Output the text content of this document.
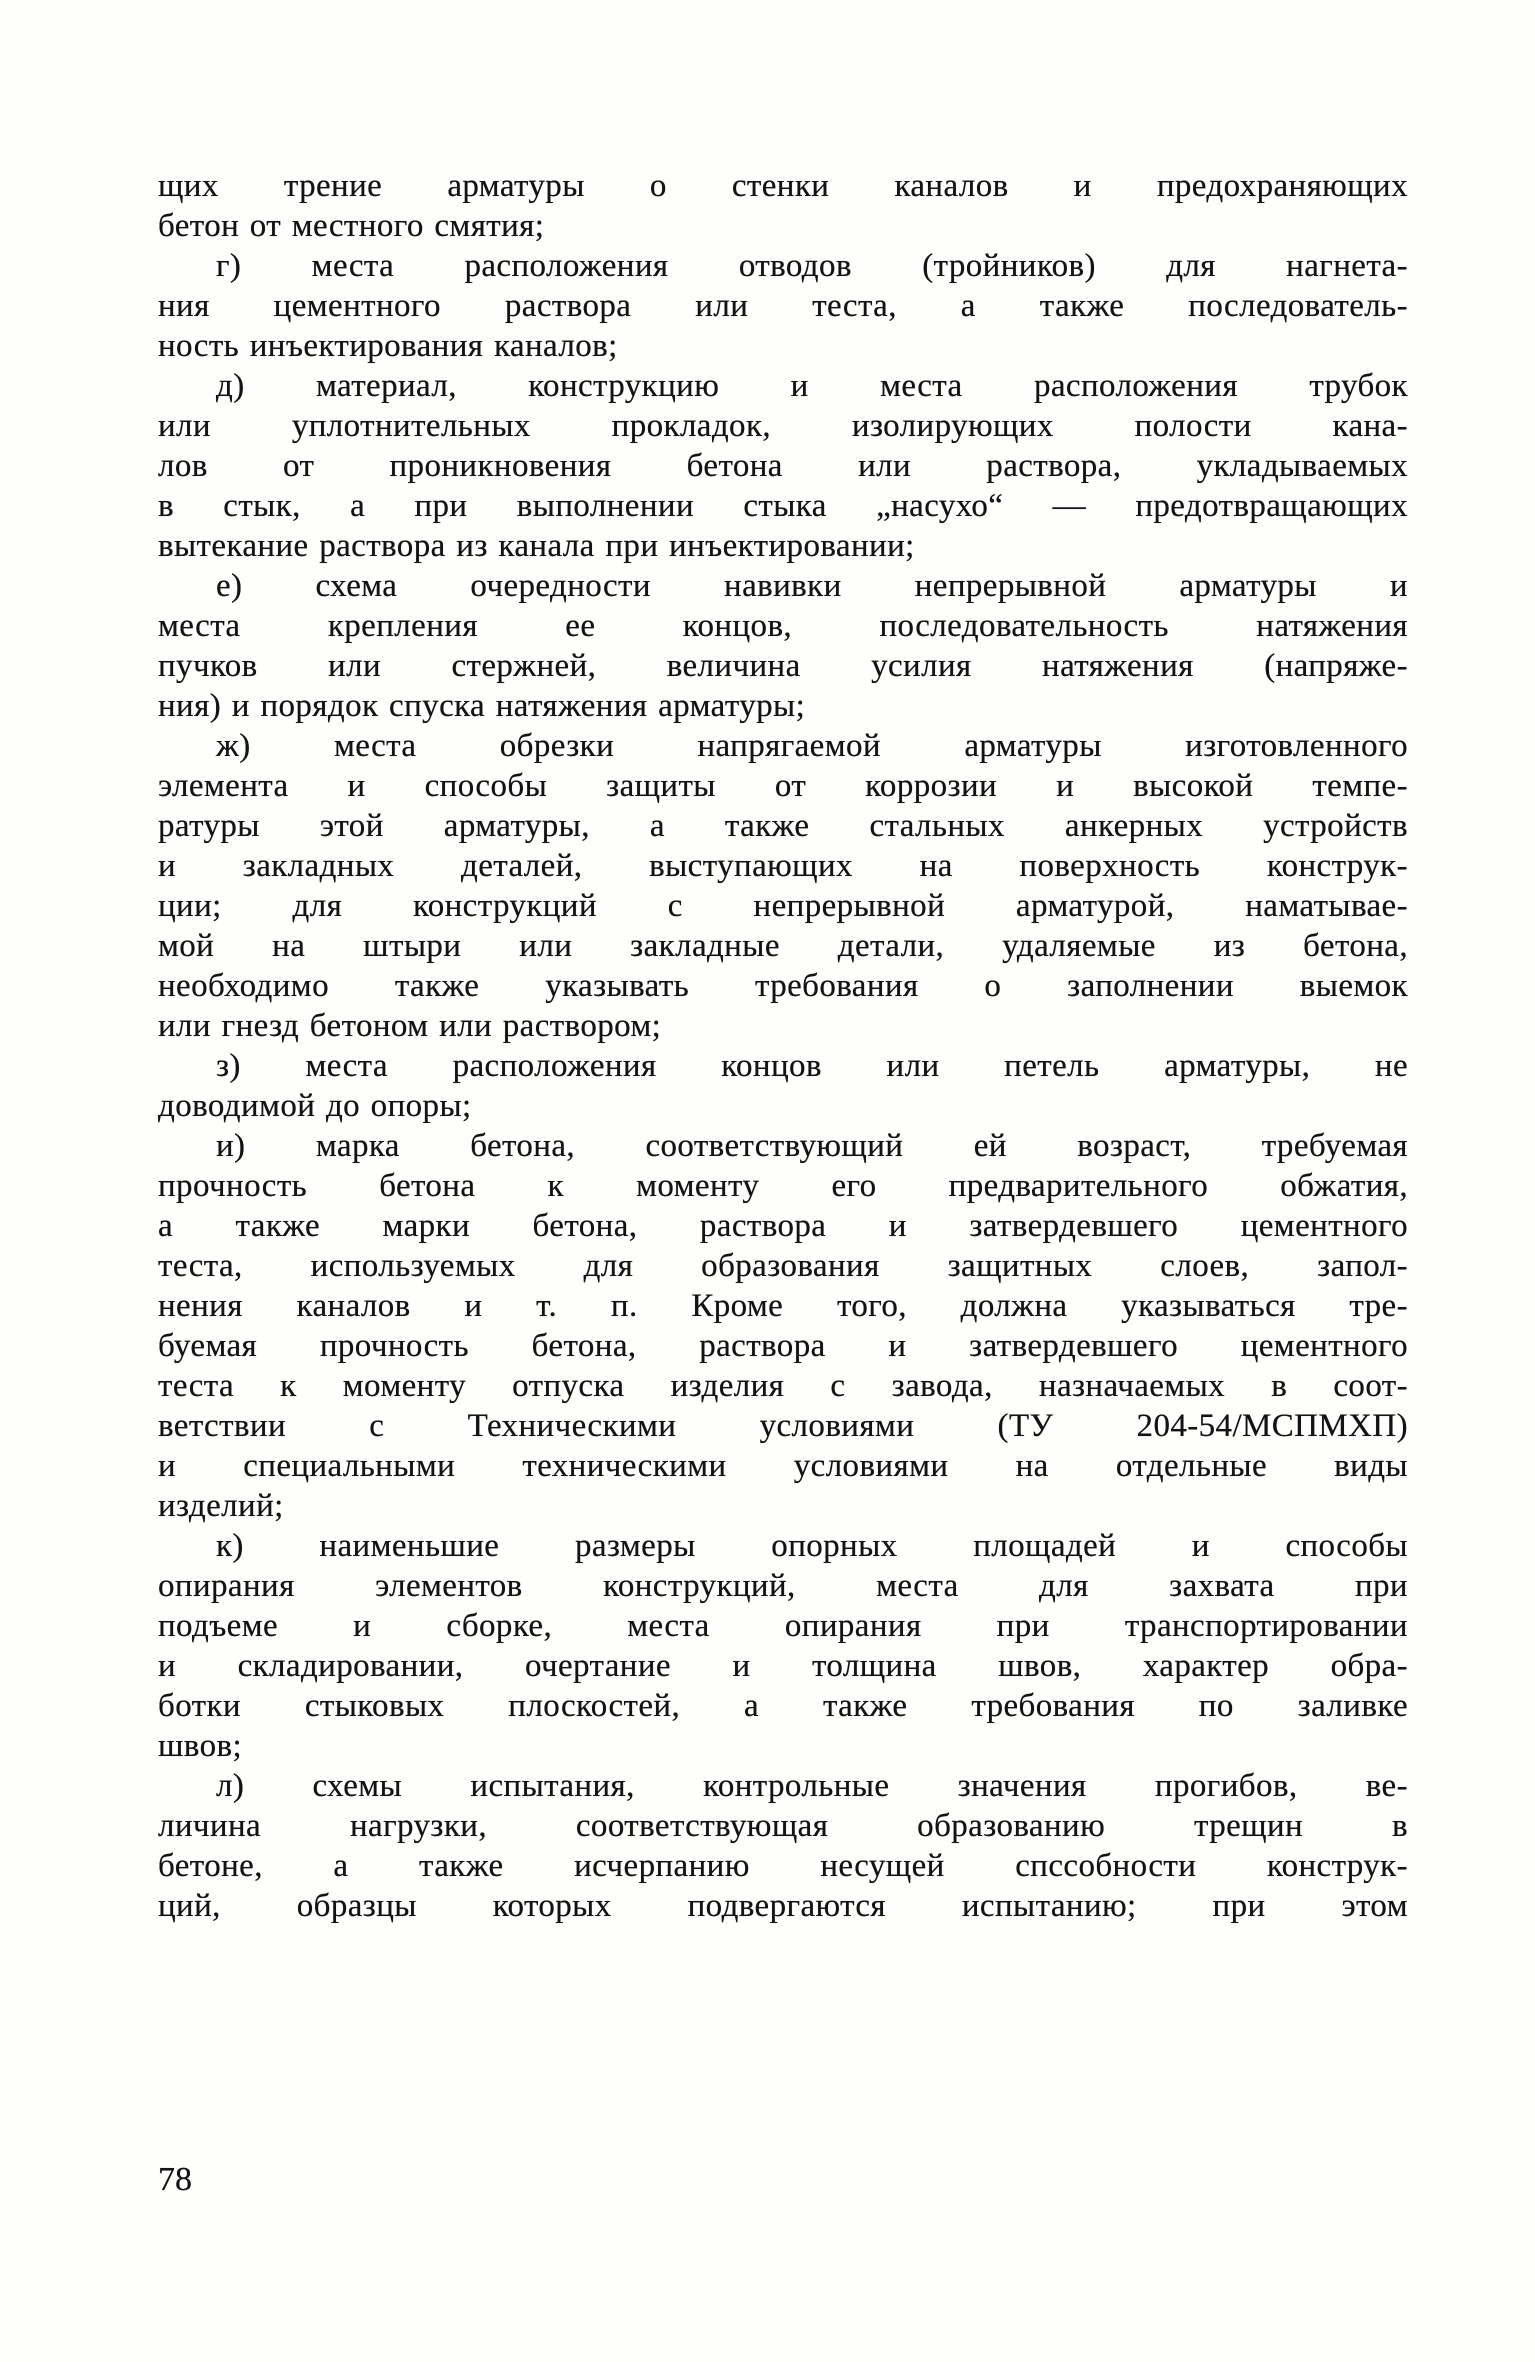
щих трение арматуры о стенки каналов и предохраняющих
бетон от местного смятия;
г) места расположения отводов (тройников) для нагнета-
ния цементного раствора или теста, а также последователь-
ность инъектирования каналов;
д) материал, конструкцию и места расположения трубок
или уплотнительных прокладок, изолирующих полости кана-
лов от проникновения бетона или раствора, укладываемых
в стык, а при выполнении стыка „насухо“ — предотвращающих
вытекание раствора из канала при инъектировании;
е) схема очередности навивки непрерывной арматуры и
места крепления ее концов, последовательность натяжения
пучков или стержней, величина усилия натяжения (напряже-
ния) и порядок спуска натяжения арматуры;
ж) места обрезки напрягаемой арматуры изготовленного
элемента и способы защиты от коррозии и высокой темпе-
ратуры этой арматуры, а также стальных анкерных устройств
и закладных деталей, выступающих на поверхность конструк-
ции; для конструкций с непрерывной арматурой, наматывае-
мой на штыри или закладные детали, удаляемые из бетона,
необходимо также указывать требования о заполнении выемок
или гнезд бетоном или раствором;
з) места расположения концов или петель арматуры, не
доводимой до опоры;
и) марка бетона, соответствующий ей возраст, требуемая
прочность бетона к моменту его предварительного обжатия,
а также марки бетона, раствора и затвердевшего цементного
теста, используемых для образования защитных слоев, запол-
нения каналов и т. п. Кроме того, должна указываться тре-
буемая прочность бетона, раствора и затвердевшего цементного
теста к моменту отпуска изделия с завода, назначаемых в соот-
ветствии с Техническими условиями (ТУ 204-54/МСПМХП)
и специальными техническими условиями на отдельные виды
изделий;
к) наименьшие размеры опорных площадей и способы
опирания элементов конструкций, места для захвата при
подъеме и сборке, места опирания при транспортировании
и складировании, очертание и толщина швов, характер обра-
ботки стыковых плоскостей, а также требования по заливке
швов;
л) схемы испытания, контрольные значения прогибов, ве-
личина нагрузки, соответствующая образованию трещин в
бетоне, а также исчерпанию несущей спссобности конструк-
ций, образцы которых подвергаются испытанию; при этом
78
